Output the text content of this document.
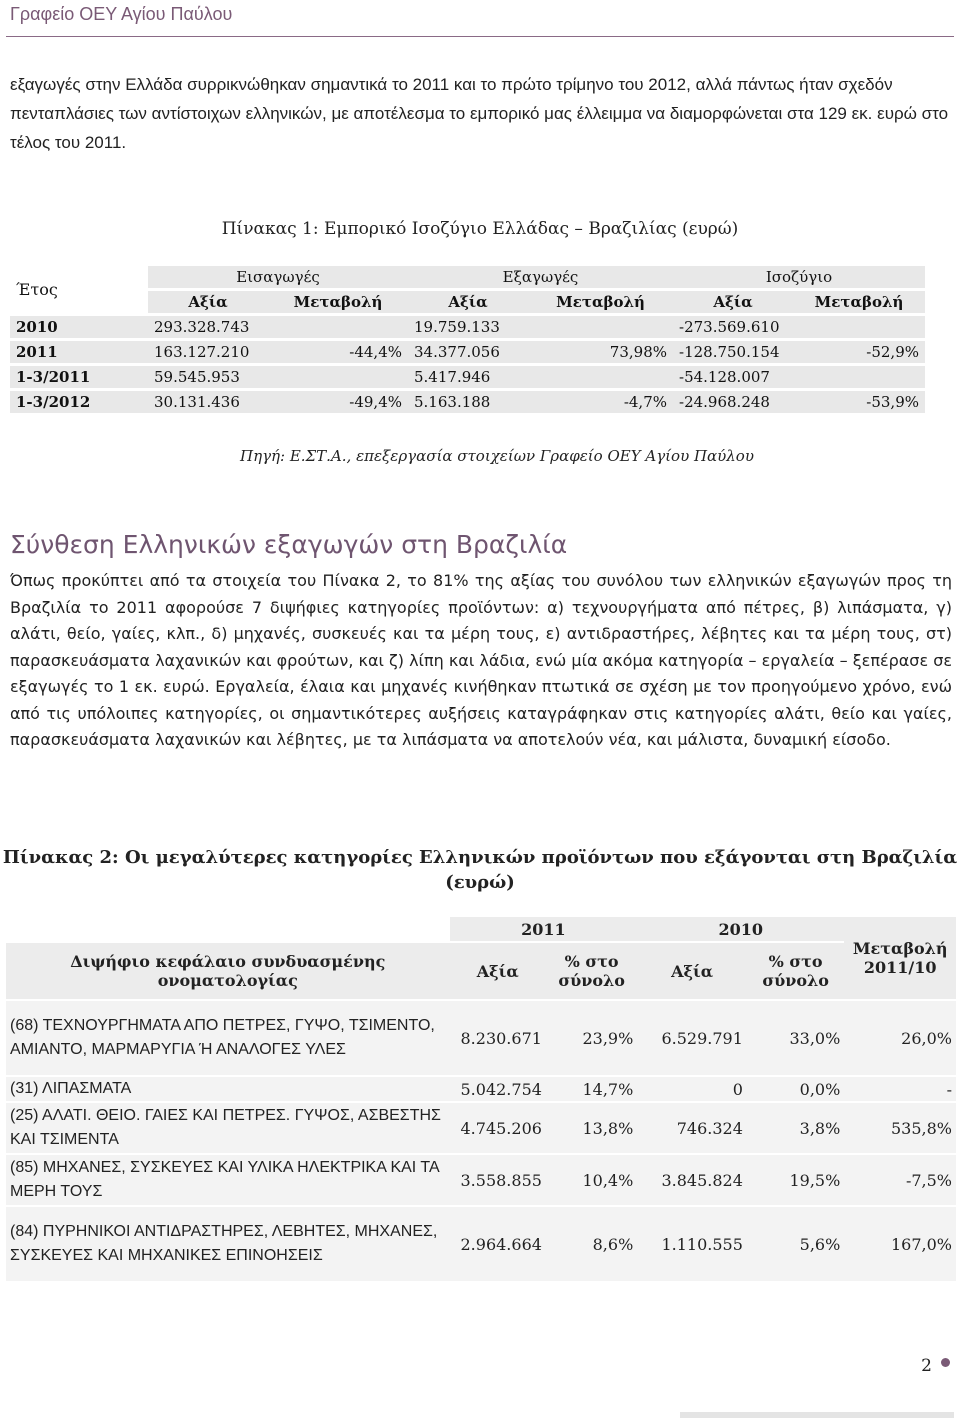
Γραφείο ΟΕΥ Αγίου Παύλου
εξαγωγές στην Ελλάδα συρρικνώθηκαν σημαντικά το 2011 και το πρώτο τρίμηνο του 2012, αλλά πάντως ήταν σχεδόν πενταπλάσιες των αντίστοιχων ελληνικών, με αποτέλεσμα το εμπορικό μας έλλειμμα να διαμορφώνεται στα 129 εκ. ευρώ στο τέλος του 2011.
Πίνακας 1: Εμπορικό Ισοζύγιο Ελλάδας – Βραζιλίας (ευρώ)
Έτος	Εισαγωγές		Εξαγωγές		Ισοζύγιο	
	Αξία	Μεταβολή	Αξία	Μεταβολή	Αξία	Μεταβολή
2010	293.328.743		19.759.133		-273.569.610	
2011	163.127.210	-44,4%	34.377.056	73,98%	-128.750.154	-52,9%
1-3/2011	59.545.953		5.417.946		-54.128.007	
1-3/2012	30.131.436	-49,4%	5.163.188	-4,7%	-24.968.248	-53,9%
Πηγή: Ε.ΣΤ.Α., επεξεργασία στοιχείων Γραφείο ΟΕΥ Αγίου Παύλου
Σύνθεση Ελληνικών εξαγωγών στη Βραζιλία
Όπως προκύπτει από τα στοιχεία του Πίνακα 2, το 81% της αξίας του συνόλου των ελληνικών εξαγωγών προς τη Βραζιλία το 2011 αφορούσε 7 διψήφιες κατηγορίες προϊόντων: α) τεχνουργήματα από πέτρες, β) λιπάσματα, γ) αλάτι, θείο, γαίες, κλπ., δ) μηχανές, συσκευές και τα μέρη τους, ε) αντιδραστήρες, λέβητες και τα μέρη τους, στ) παρασκευάσματα λαχανικών και φρούτων, και ζ) λίπη και λάδια, ενώ μία ακόμα κατηγορία – εργαλεία – ξεπέρασε σε εξαγωγές το 1 εκ. ευρώ. Εργαλεία, έλαια και μηχανές κινήθηκαν πτωτικά σε σχέση με τον προηγούμενο χρόνο, ενώ από τις υπόλοιπες κατηγορίες, οι σημαντικότερες αυξήσεις καταγράφηκαν στις κατηγορίες αλάτι, θείο και γαίες, παρασκευάσματα λαχανικών και λέβητες, με τα λιπάσματα να αποτελούν νέα, και μάλιστα, δυναμική είσοδο.
Πίνακας 2: Οι μεγαλύτερες κατηγορίες Ελληνικών προϊόντων που εξάγονται στη Βραζιλία
(ευρώ)
	2011		2010		Μεταβολή 2011/10
Διψήφιο κεφάλαιο συνδυασμένης ονοματολογίας	Αξία	% στο σύνολο	Αξία	% στο σύνολο	
(68) ΤΕΧΝΟΥΡΓΗΜΑΤΑ ΑΠΟ ΠΕΤΡΕΣ, ΓΥΨΟ, ΤΣΙΜΕΝΤΟ, ΑΜΙΑΝΤΟ, ΜΑΡΜΑΡΥΓΙΑ Ή ΑΝΑΛΟΓΕΣ ΥΛΕΣ	8.230.671	23,9%	6.529.791	33,0%	26,0%
(31) ΛΙΠΑΣΜΑΤΑ	5.042.754	14,7%	0	0,0%	-
(25) ΑΛΑΤΙ. ΘΕΙΟ. ΓΑΙΕΣ ΚΑΙ ΠΕΤΡΕΣ. ΓΥΨΟΣ, ΑΣΒΕΣΤΗΣ ΚΑΙ ΤΣΙΜΕΝΤΑ	4.745.206	13,8%	746.324	3,8%	535,8%
(85) ΜΗΧΑΝΕΣ, ΣΥΣΚΕΥΕΣ ΚΑΙ ΥΛΙΚΑ ΗΛΕΚΤΡΙΚΑ ΚΑΙ ΤΑ ΜΕΡΗ ΤΟΥΣ	3.558.855	10,4%	3.845.824	19,5%	-7,5%
(84) ΠΥΡΗΝΙΚΟΙ ΑΝΤΙΔΡΑΣΤΗΡΕΣ, ΛΕΒΗΤΕΣ, ΜΗΧΑΝΕΣ, ΣΥΣΚΕΥΕΣ ΚΑΙ ΜΗΧΑΝΙΚΕΣ ΕΠΙΝΟΗΣΕΙΣ	2.964.664	8,6%	1.110.555	5,6%	167,0%
2
